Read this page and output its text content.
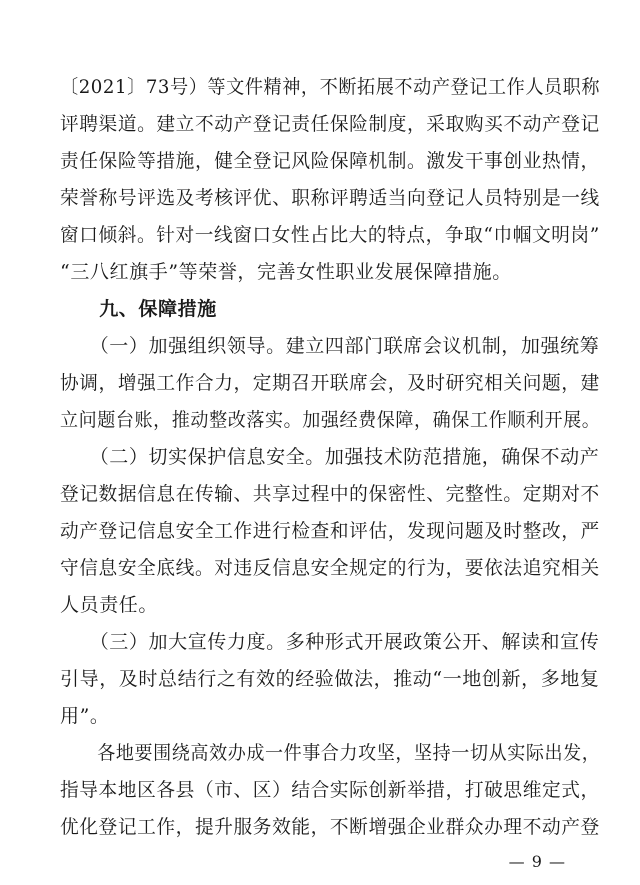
〔2021〕73号）等文件精神，不断拓展不动产登记工作人员职称
评聘渠道。建立不动产登记责任保险制度，采取购买不动产登记
责任保险等措施，健全登记风险保障机制。激发干事创业热情，
荣誉称号评选及考核评优、职称评聘适当向登记人员特别是一线
窗口倾斜。针对一线窗口女性占比大的特点，争取“巾帼文明岗”
“三八红旗手”等荣誉，完善女性职业发展保障措施。
　　九、保障措施
　　（一）加强组织领导。建立四部门联席会议机制，加强统筹
协调，增强工作合力，定期召开联席会，及时研究相关问题，建
立问题台账，推动整改落实。加强经费保障，确保工作顺利开展。
　　（二）切实保护信息安全。加强技术防范措施，确保不动产
登记数据信息在传输、共享过程中的保密性、完整性。定期对不
动产登记信息安全工作进行检查和评估，发现问题及时整改，严
守信息安全底线。对违反信息安全规定的行为，要依法追究相关
人员责任。
　　（三）加大宣传力度。多种形式开展政策公开、解读和宣传
引导，及时总结行之有效的经验做法，推动“一地创新，多地复
用”。
　　各地要围绕高效办成一件事合力攻坚，坚持一切从实际出发，
指导本地区各县（市、区）结合实际创新举措，打破思维定式，
优化登记工作，提升服务效能，不断增强企业群众办理不动产登
— 9 —
